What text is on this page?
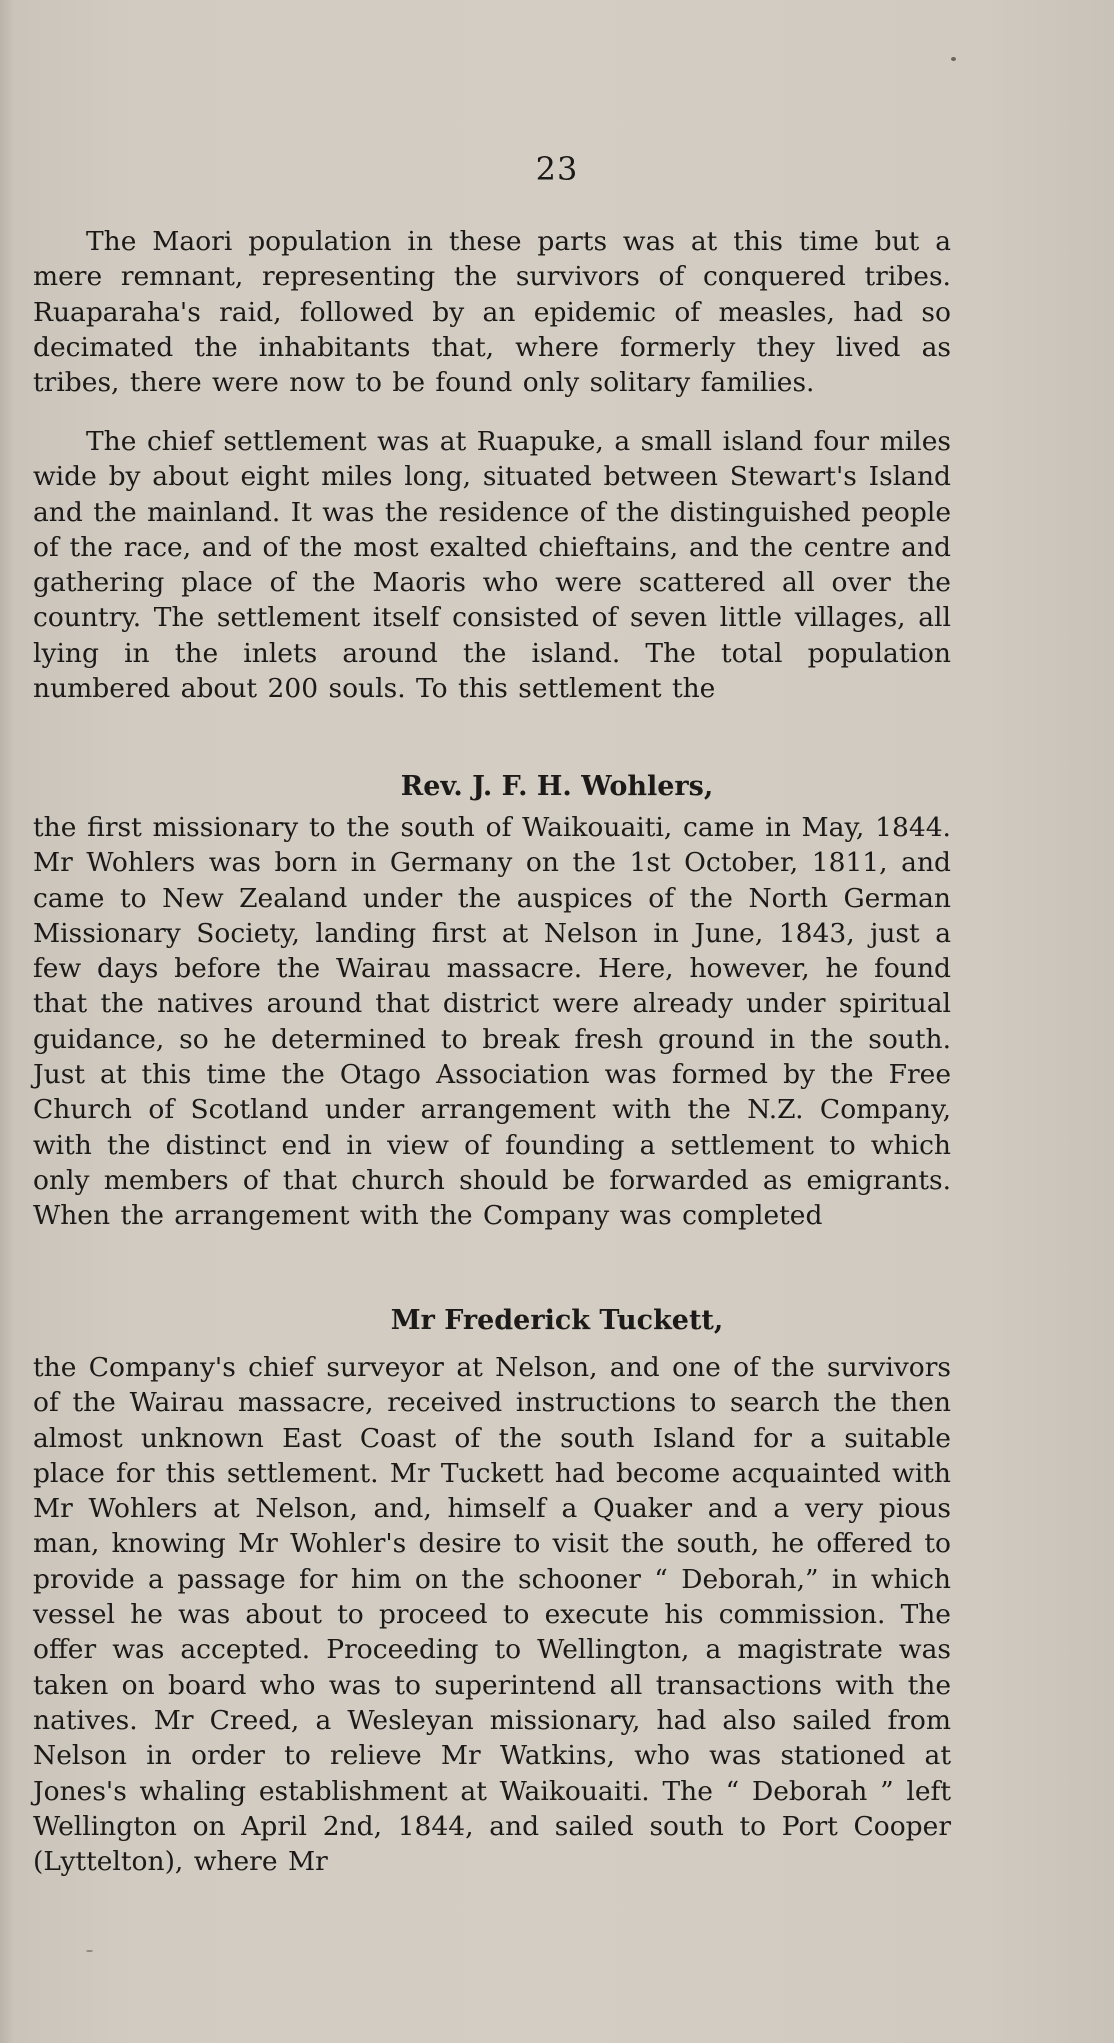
23

The Maori population in these parts was at this time but a mere remnant, representing the survivors of conquered tribes. Ruaparaha's raid, followed by an epidemic of measles, had so decimated the inhabitants that, where formerly they lived as tribes, there were now to be found only solitary families.

The chief settlement was at Ruapuke, a small island four miles wide by about eight miles long, situated between Stewart's Island and the mainland. It was the residence of the distinguished people of the race, and of the most exalted chieftains, and the centre and gathering place of the Maoris who were scattered all over the country. The settlement itself consisted of seven little villages, all lying in the inlets around the island. The total population numbered about 200 souls. To this settlement the

Rev. J. F. H. Wohlers,

the first missionary to the south of Waikouaiti, came in May, 1844. Mr Wohlers was born in Germany on the 1st October, 1811, and came to New Zealand under the auspices of the North German Missionary Society, landing first at Nelson in June, 1843, just a few days before the Wairau massacre. Here, however, he found that the natives around that district were already under spiritual guidance, so he determined to break fresh ground in the south. Just at this time the Otago Association was formed by the Free Church of Scotland under arrangement with the N.Z. Company, with the distinct end in view of founding a settlement to which only members of that church should be forwarded as emigrants. When the arrangement with the Company was completed

Mr Frederick Tuckett,

the Company's chief surveyor at Nelson, and one of the survivors of the Wairau massacre, received instructions to search the then almost unknown East Coast of the south Island for a suitable place for this settlement. Mr Tuckett had become acquainted with Mr Wohlers at Nelson, and, himself a Quaker and a very pious man, knowing Mr Wohler's desire to visit the south, he offered to provide a passage for him on the schooner “ Deborah,” in which vessel he was about to proceed to execute his commission. The offer was accepted. Proceeding to Wellington, a magistrate was taken on board who was to superintend all transactions with the natives. Mr Creed, a Wesleyan missionary, had also sailed from Nelson in order to relieve Mr Watkins, who was stationed at Jones's whaling establishment at Waikouaiti. The “ Deborah ” left Wellington on April 2nd, 1844, and sailed south to Port Cooper (Lyttelton), where Mr
